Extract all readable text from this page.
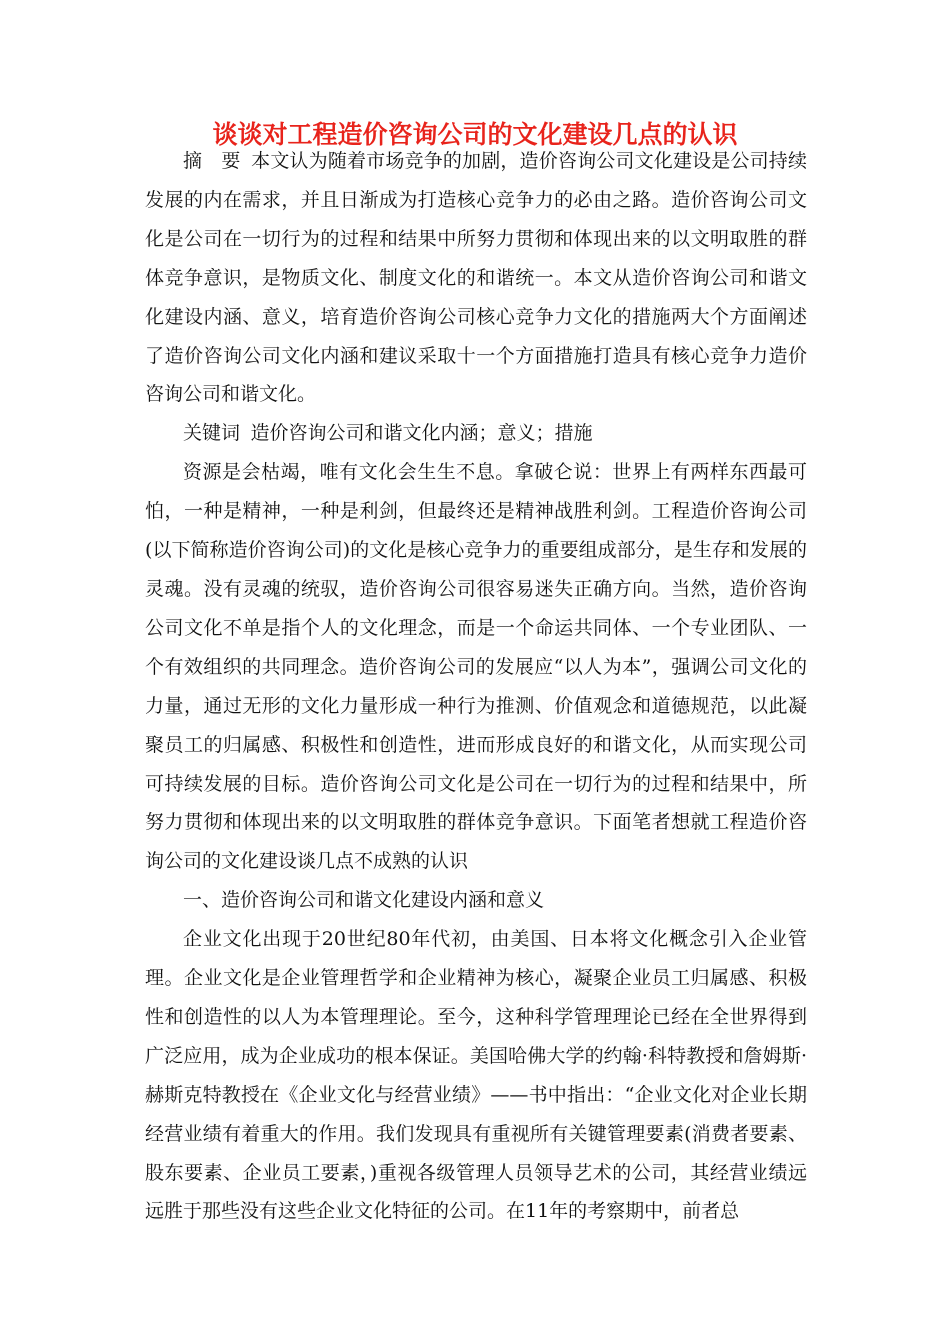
谈谈对工程造价咨询公司的文化建设几点的认识

摘　要 本文认为随着市场竞争的加剧，造价咨询公司文化建设是公司持续发展的内在需求，并且日渐成为打造核心竞争力的必由之路。造价咨询公司文化是公司在一切行为的过程和结果中所努力贯彻和体现出来的以文明取胜的群体竞争意识，是物质文化、制度文化的和谐统一。本文从造价咨询公司和谐文化建设内涵、意义，培育造价咨询公司核心竞争力文化的措施两大个方面阐述了造价咨询公司文化内涵和建议采取十一个方面措施打造具有核心竞争力造价咨询公司和谐文化。

关键词 造价咨询公司和谐文化内涵；意义；措施

资源是会枯竭，唯有文化会生生不息。拿破仑说：世界上有两样东西最可怕，一种是精神，一种是利剑，但最终还是精神战胜利剑。工程造价咨询公司(以下简称造价咨询公司)的文化是核心竞争力的重要组成部分，是生存和发展的灵魂。没有灵魂的统驭，造价咨询公司很容易迷失正确方向。当然，造价咨询公司文化不单是指个人的文化理念，而是一个命运共同体、一个专业团队、一个有效组织的共同理念。造价咨询公司的发展应“以人为本”，强调公司文化的力量，通过无形的文化力量形成一种行为推测、价值观念和道德规范，以此凝聚员工的归属感、积极性和创造性，进而形成良好的和谐文化，从而实现公司可持续发展的目标。造价咨询公司文化是公司在一切行为的过程和结果中，所努力贯彻和体现出来的以文明取胜的群体竞争意识。下面笔者想就工程造价咨询公司的文化建设谈几点不成熟的认识

一、造价咨询公司和谐文化建设内涵和意义

企业文化出现于20世纪80年代初，由美国、日本将文化概念引入企业管理。企业文化是企业管理哲学和企业精神为核心，凝聚企业员工归属感、积极性和创造性的以人为本管理理论。至今，这种科学管理理论已经在全世界得到广泛应用，成为企业成功的根本保证。美国哈佛大学的约翰·科特教授和詹姆斯·赫斯克特教授在《企业文化与经营业绩》——书中指出：“企业文化对企业长期经营业绩有着重大的作用。我们发现具有重视所有关键管理要素(消费者要素、股东要素、企业员工要素，)重视各级管理人员领导艺术的公司，其经营业绩远远胜于那些没有这些企业文化特征的公司。在11年的考察期中，前者总
